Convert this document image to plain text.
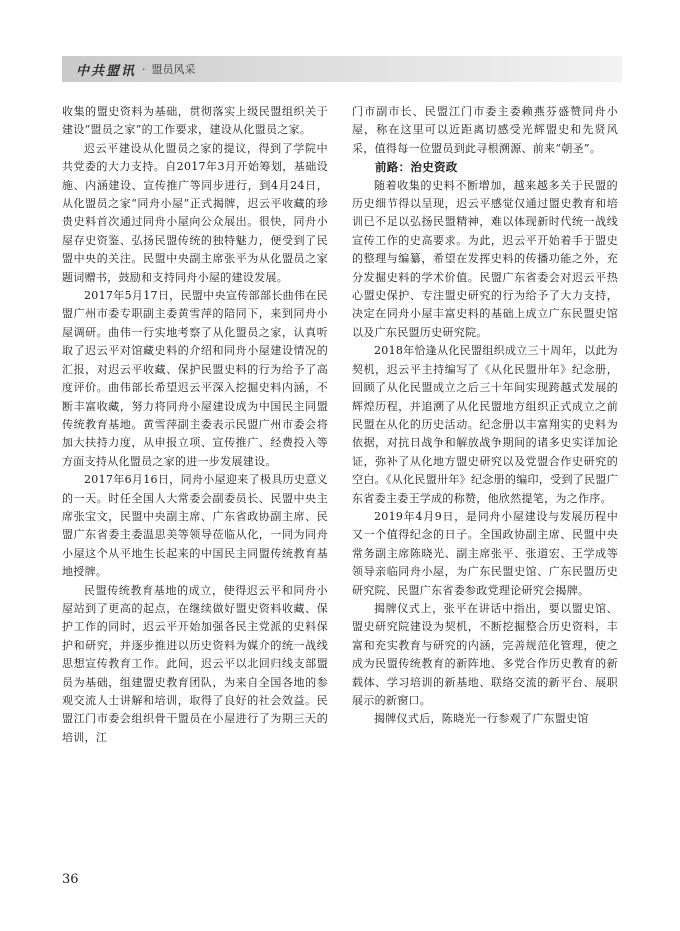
中共盟讯 · 盟员风采

收集的盟史资料为基础，贯彻落实上级民盟组织关于建设“盟员之家”的工作要求，建设从化盟员之家。

迟云平建设从化盟员之家的提议，得到了学院中共党委的大力支持。自2017年3月开始筹划，基础设施、内涵建设、宣传推广等同步进行，到4月24日，从化盟员之家“同舟小屋”正式揭牌，迟云平收藏的珍贵史料首次通过同舟小屋向公众展出。很快，同舟小屋存史资鉴、弘扬民盟传统的独特魅力，便受到了民盟中央的关注。民盟中央副主席张平为从化盟员之家题词赠书，鼓励和支持同舟小屋的建设发展。

2017年5月17日，民盟中央宣传部部长曲伟在民盟广州市委专职副主委黄雪萍的陪同下，来到同舟小屋调研。曲伟一行实地考察了从化盟员之家，认真听取了迟云平对馆藏史料的介绍和同舟小屋建设情况的汇报，对迟云平收藏、保护民盟史料的行为给予了高度评价。曲伟部长希望迟云平深入挖掘史料内涵，不断丰富收藏，努力将同舟小屋建设成为中国民主同盟传统教育基地。黄雪萍副主委表示民盟广州市委会将加大扶持力度，从申报立项、宣传推广、经费投入等方面支持从化盟员之家的进一步发展建设。

2017年6月16日，同舟小屋迎来了极具历史意义的一天。时任全国人大常委会副委员长、民盟中央主席张宝文，民盟中央副主席、广东省政协副主席、民盟广东省委主委温思美等领导莅临从化，一同为同舟小屋这个从平地生长起来的中国民主同盟传统教育基地授牌。

民盟传统教育基地的成立，使得迟云平和同舟小屋站到了更高的起点，在继续做好盟史资料收藏、保护工作的同时，迟云平开始加强各民主党派的史料保护和研究，并逐步推进以历史资料为媒介的统一战线思想宣传教育工作。此间，迟云平以北回归线支部盟员为基础，组建盟史教育团队，为来自全国各地的参观交流人士讲解和培训，取得了良好的社会效益。民盟江门市委会组织骨干盟员在小屋进行了为期三天的培训，江

门市副市长、民盟江门市委主委赖燕芬盛赞同舟小屋，称在这里可以近距离切感受光辉盟史和先贤风采，值得每一位盟员到此寻根溯源、前来“朝圣”。

前路：治史资政

随着收集的史料不断增加，越来越多关于民盟的历史细节得以呈现，迟云平感觉仅通过盟史教育和培训已不足以弘扬民盟精神，难以体现新时代统一战线宣传工作的史高要求。为此，迟云平开始着手于盟史的整理与编纂，希望在发挥史料的传播功能之外，充分发掘史料的学术价值。民盟广东省委会对迟云平热心盟史保护、专注盟史研究的行为给予了大力支持，决定在同舟小屋丰富史料的基础上成立广东民盟史馆以及广东民盟历史研究院。

2018年恰逢从化民盟组织成立三十周年，以此为契机，迟云平主持编写了《从化民盟卅年》纪念册，回顾了从化民盟成立之后三十年间实现跨越式发展的辉煌历程，并追溯了从化民盟地方组织正式成立之前民盟在从化的历史活动。纪念册以丰富翔实的史料为依据，对抗日战争和解放战争期间的诸多史实详加论证，弥补了从化地方盟史研究以及党盟合作史研究的空白。《从化民盟卅年》纪念册的编印，受到了民盟广东省委主委王学成的称赞，他欣然提笔，为之作序。

2019年4月9日，是同舟小屋建设与发展历程中又一个值得纪念的日子。全国政协副主席、民盟中央常务副主席陈晓光、副主席张平、张道宏、王学成等领导亲临同舟小屋，为广东民盟史馆、广东民盟历史研究院、民盟广东省委参政党理论研究会揭牌。

揭牌仪式上，张平在讲话中指出，要以盟史馆、盟史研究院建设为契机，不断挖掘整合历史资料，丰富和充实教育与研究的内涵，完善规范化管理，使之成为民盟传统教育的新阵地、多党合作历史教育的新载体、学习培训的新基地、联络交流的新平台、展职展示的新窗口。

揭牌仪式后，陈晓光一行参观了广东盟史馆

36
